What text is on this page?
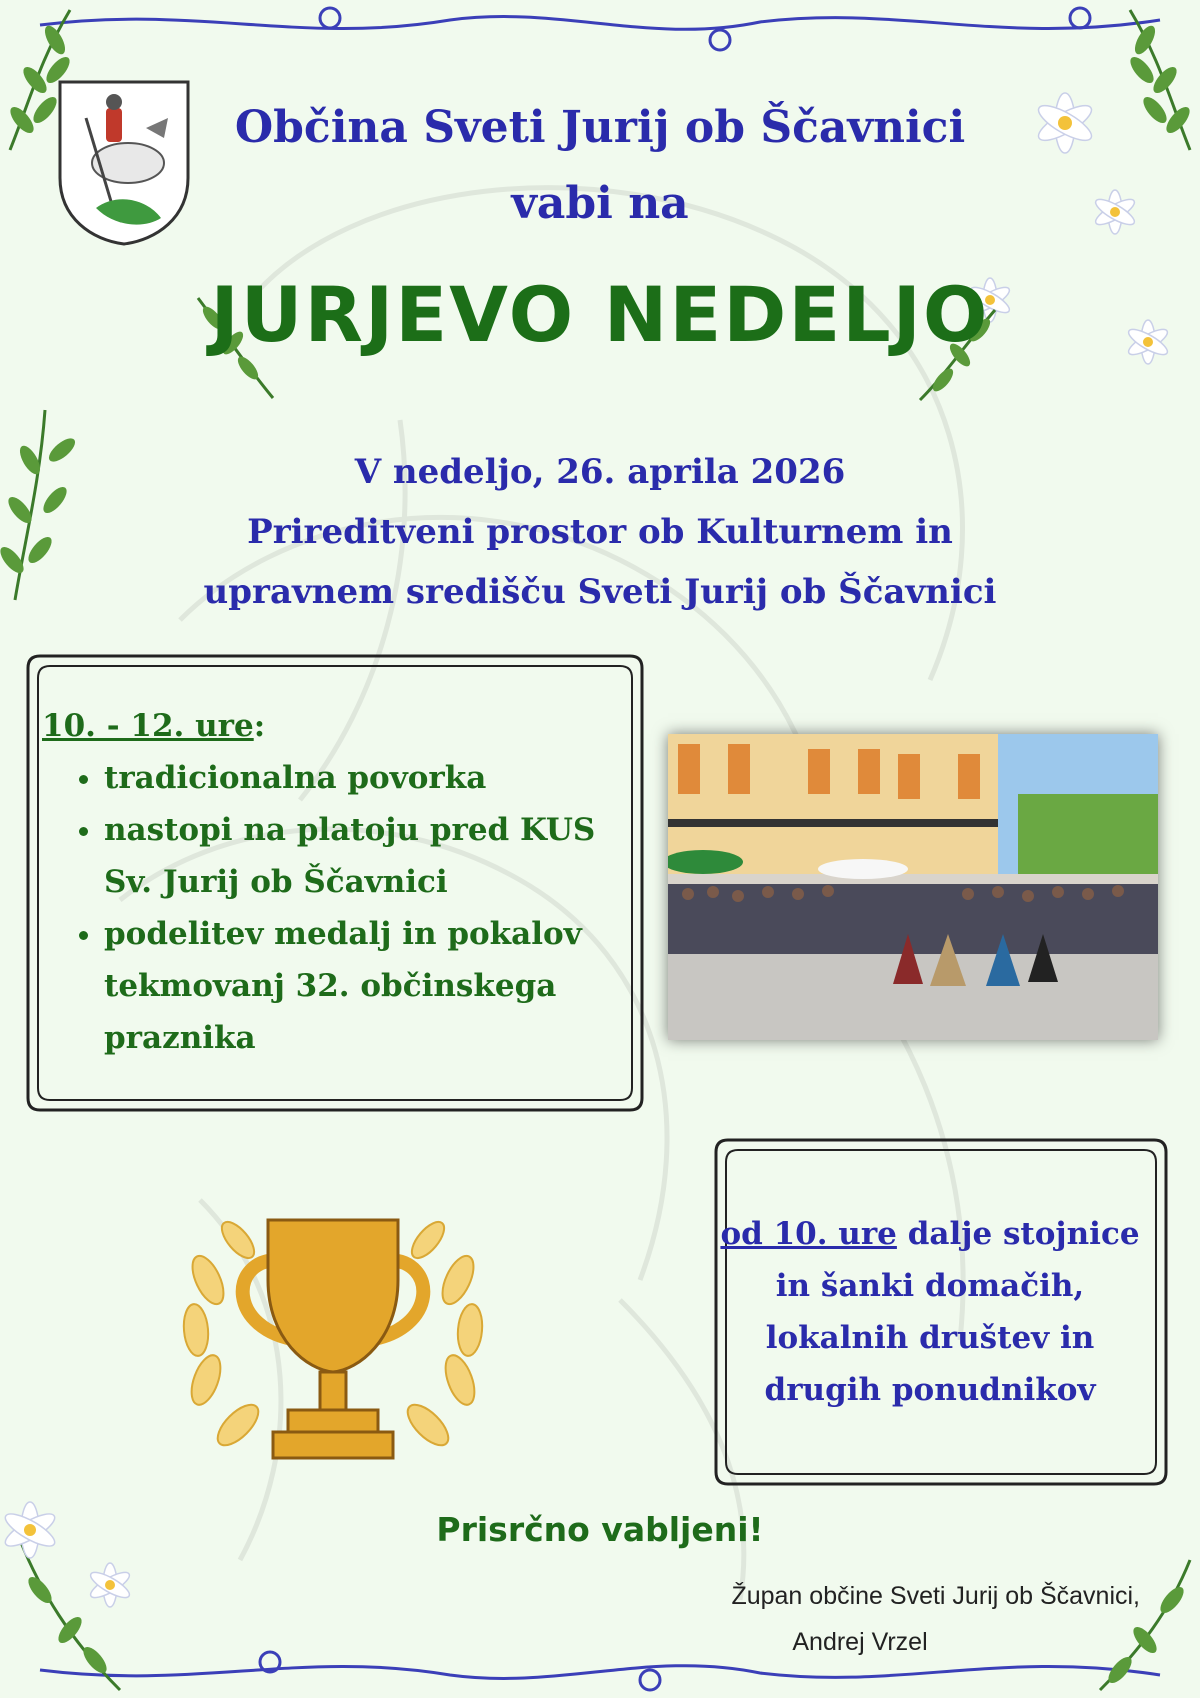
Občina Sveti Jurij ob Ščavnici
vabi na
JURJEVO NEDELJO
V nedeljo, 26. aprila 2026
Prireditveni prostor ob Kulturnem in
upravnem središču Sveti Jurij ob Ščavnici
10. - 12. ure:
• tradicionalna povorka
• nastopi na platoju pred KUS Sv. Jurij ob Ščavnici
• podelitev medalj in pokalov tekmovanj 32. občinskega praznika
od 10. ure dalje stojnice in šanki domačih, lokalnih društev in drugih ponudnikov
Prisrčno vabljeni!
Župan občine Sveti Jurij ob Ščavnici,
Andrej Vrzel
